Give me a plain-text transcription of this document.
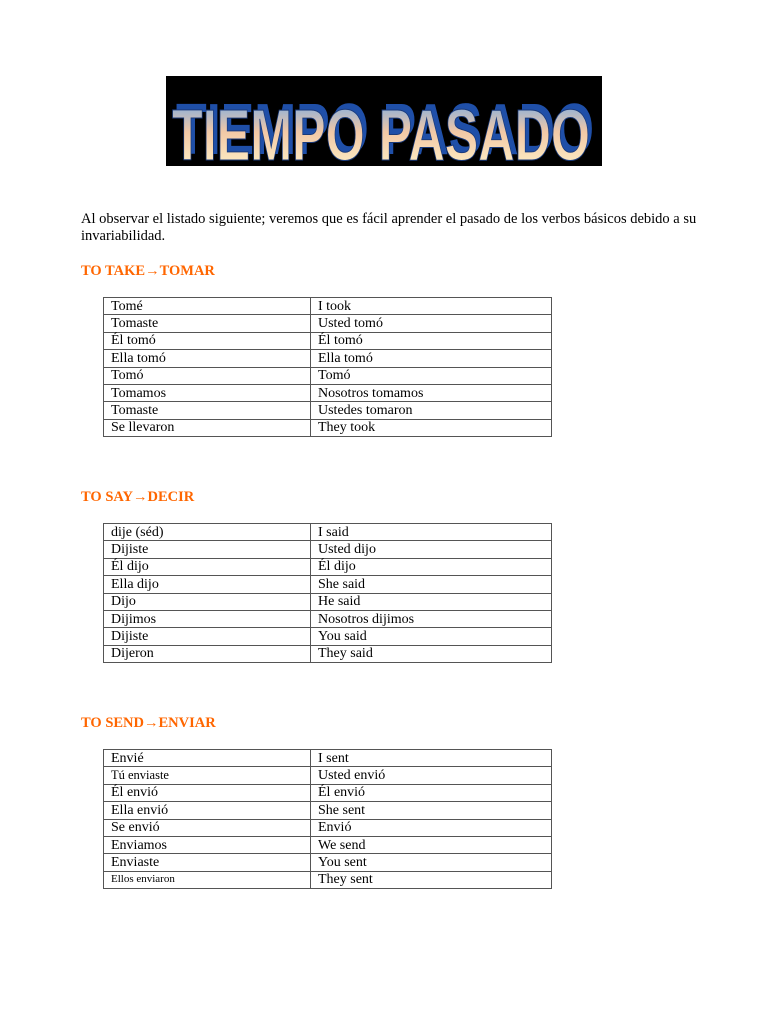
TIEMPO PASADO
TIEMPO PASADO
Al observar el listado siguiente; veremos que es fácil aprender el pasado de los verbos básicos debido a su invariabilidad.
TO TAKE→TOMAR
Tomé	I took
Tomaste	Usted tomó
Él tomó	Él tomó
Ella tomó	Ella tomó
Tomó	Tomó
Tomamos	Nosotros tomamos
Tomaste	Ustedes tomaron
Se llevaron	They took
TO SAY→DECIR
dije (séd)	I said
Dijiste	Usted dijo
Él dijo	Él dijo
Ella dijo	She said
Dijo	He said
Dijimos	Nosotros dijimos
Dijiste	You said
Dijeron	They said
TO SEND→ENVIAR
Envié	I sent
Tú enviaste	Usted envió
Él envió	Él envió
Ella envió	She sent
Se envió	Envió
Enviamos	We send
Enviaste	You sent
Ellos enviaron	They sent
